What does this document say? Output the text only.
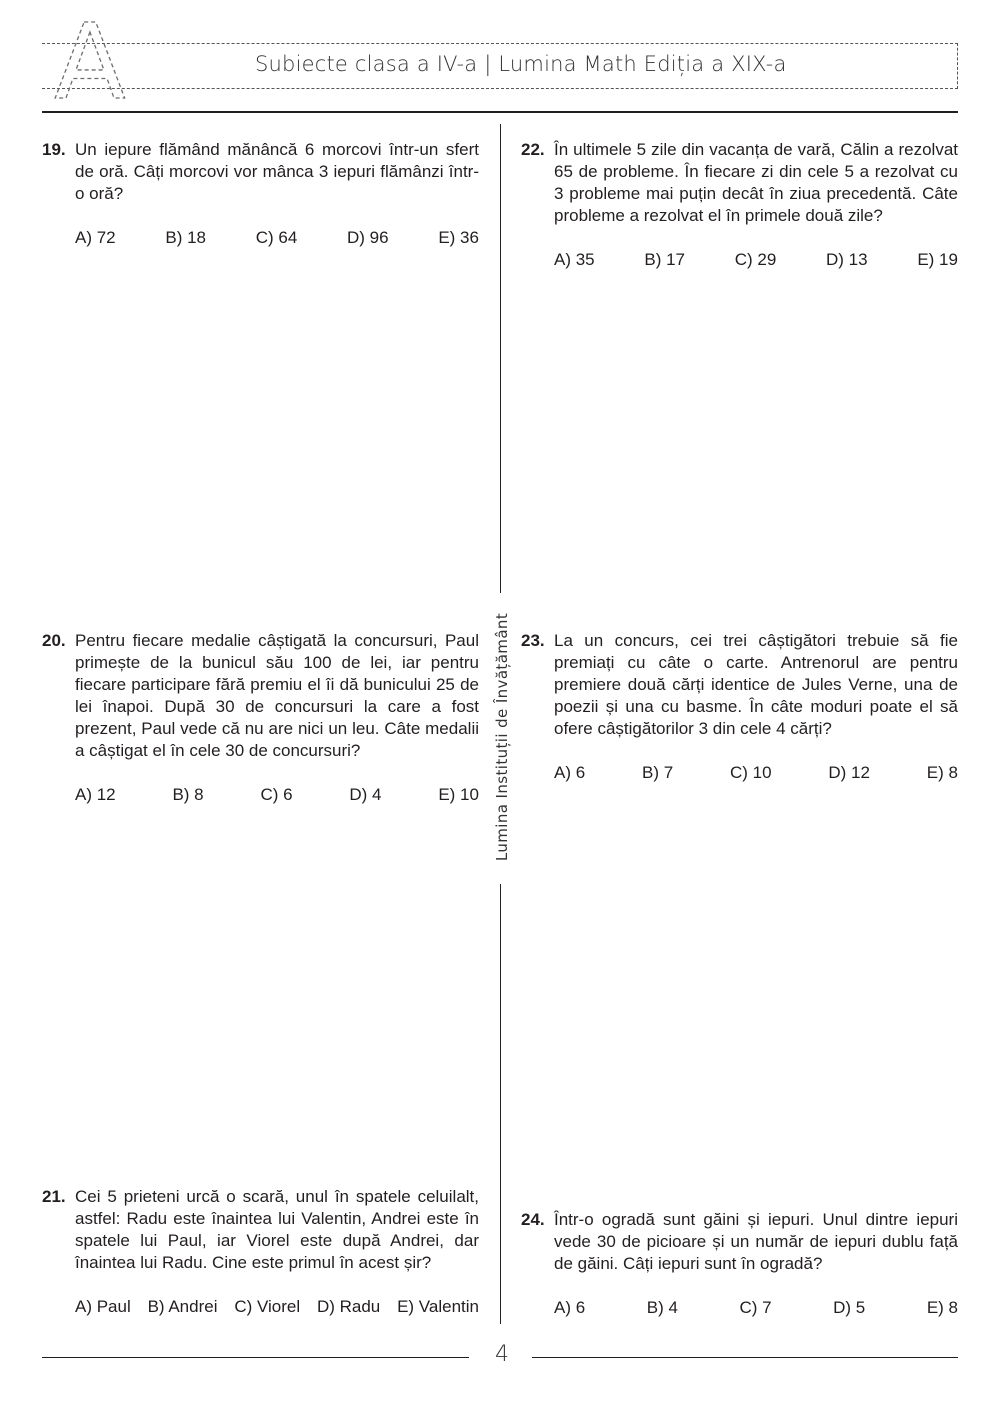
A	Subiecte clasa a IV-a | Lumina Math Ediția a XIX-a
Lumina Instituții de Învățământ
19. Un iepure flămând mănâncă 6 morcovi într-un sfert de oră. Câți morcovi vor mânca 3 iepuri flămânzi într-o oră?
A) 72	B) 18	C) 64	D) 96	E) 36
20. Pentru fiecare medalie câștigată la concursuri, Paul primește de la bunicul său 100 de lei, iar pentru fiecare participare fără premiu el îi dă bunicului 25 de lei înapoi. După 30 de concursuri la care a fost prezent, Paul vede că nu are nici un leu. Câte medalii a câștigat el în cele 30 de concursuri?
A) 12	B) 8	C) 6	D) 4	E) 10
21. Cei 5 prieteni urcă o scară, unul în spatele celuilalt, astfel: Radu este înaintea lui Valentin, Andrei este în spatele lui Paul, iar Viorel este după Andrei, dar înaintea lui Radu. Cine este primul în acest șir?
A) Paul B) Andrei C) Viorel D) Radu E) Valentin
22. În ultimele 5 zile din vacanța de vară, Călin a rezolvat 65 de probleme. În fiecare zi din cele 5 a rezolvat cu 3 probleme mai puțin decât în ziua precedentă. Câte probleme a rezolvat el în primele două zile?
A) 35	B) 17	C) 29	D) 13	E) 19
23. La un concurs, cei trei câștigători trebuie să fie premiați cu câte o carte. Antrenorul are pentru premiere două cărți identice de Jules Verne, una de poezii și una cu basme. În câte moduri poate el să ofere câștigătorilor 3 din cele 4 cărți?
A) 6	B) 7	C) 10	D) 12	E) 8
24. Într-o ogradă sunt găini și iepuri. Unul dintre iepuri vede 30 de picioare și un număr de iepuri dublu față de găini. Câți iepuri sunt în ogradă?
A) 6	B) 4	C) 7	D) 5	E) 8
4
